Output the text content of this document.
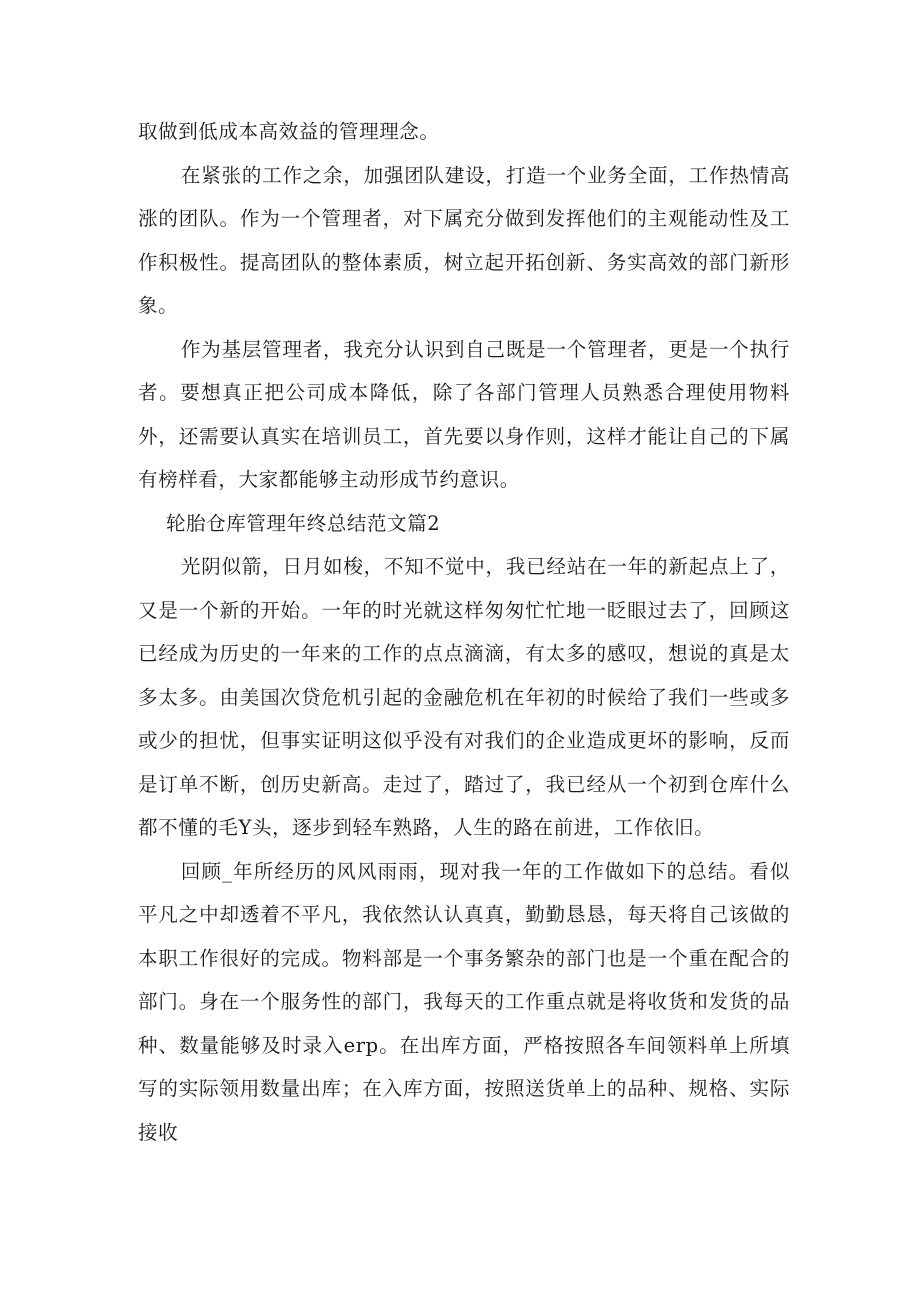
取做到低成本高效益的管理理念。

在紧张的工作之余，加强团队建设，打造一个业务全面，工作热情高涨的团队。作为一个管理者，对下属充分做到发挥他们的主观能动性及工作积极性。提高团队的整体素质，树立起开拓创新、务实高效的部门新形象。

作为基层管理者，我充分认识到自己既是一个管理者，更是一个执行者。要想真正把公司成本降低，除了各部门管理人员熟悉合理使用物料外，还需要认真实在培训员工，首先要以身作则，这样才能让自己的下属有榜样看，大家都能够主动形成节约意识。

轮胎仓库管理年终总结范文篇2

光阴似箭，日月如梭，不知不觉中，我已经站在一年的新起点上了，又是一个新的开始。一年的时光就这样匆匆忙忙地一眨眼过去了，回顾这已经成为历史的一年来的工作的点点滴滴，有太多的感叹，想说的真是太多太多。由美国次贷危机引起的金融危机在年初的时候给了我们一些或多或少的担忧，但事实证明这似乎没有对我们的企业造成更坏的影响，反而是订单不断，创历史新高。走过了，踏过了，我已经从一个初到仓库什么都不懂的毛Y头，逐步到轻车熟路，人生的路在前进，工作依旧。

回顾_年所经历的风风雨雨，现对我一年的工作做如下的总结。看似平凡之中却透着不平凡，我依然认认真真，勤勤恳恳，每天将自己该做的本职工作很好的完成。物料部是一个事务繁杂的部门也是一个重在配合的部门。身在一个服务性的部门，我每天的工作重点就是将收货和发货的品种、数量能够及时录入erp。在出库方面，严格按照各车间领料单上所填写的实际领用数量出库；在入库方面，按照送货单上的品种、规格、实际接收
